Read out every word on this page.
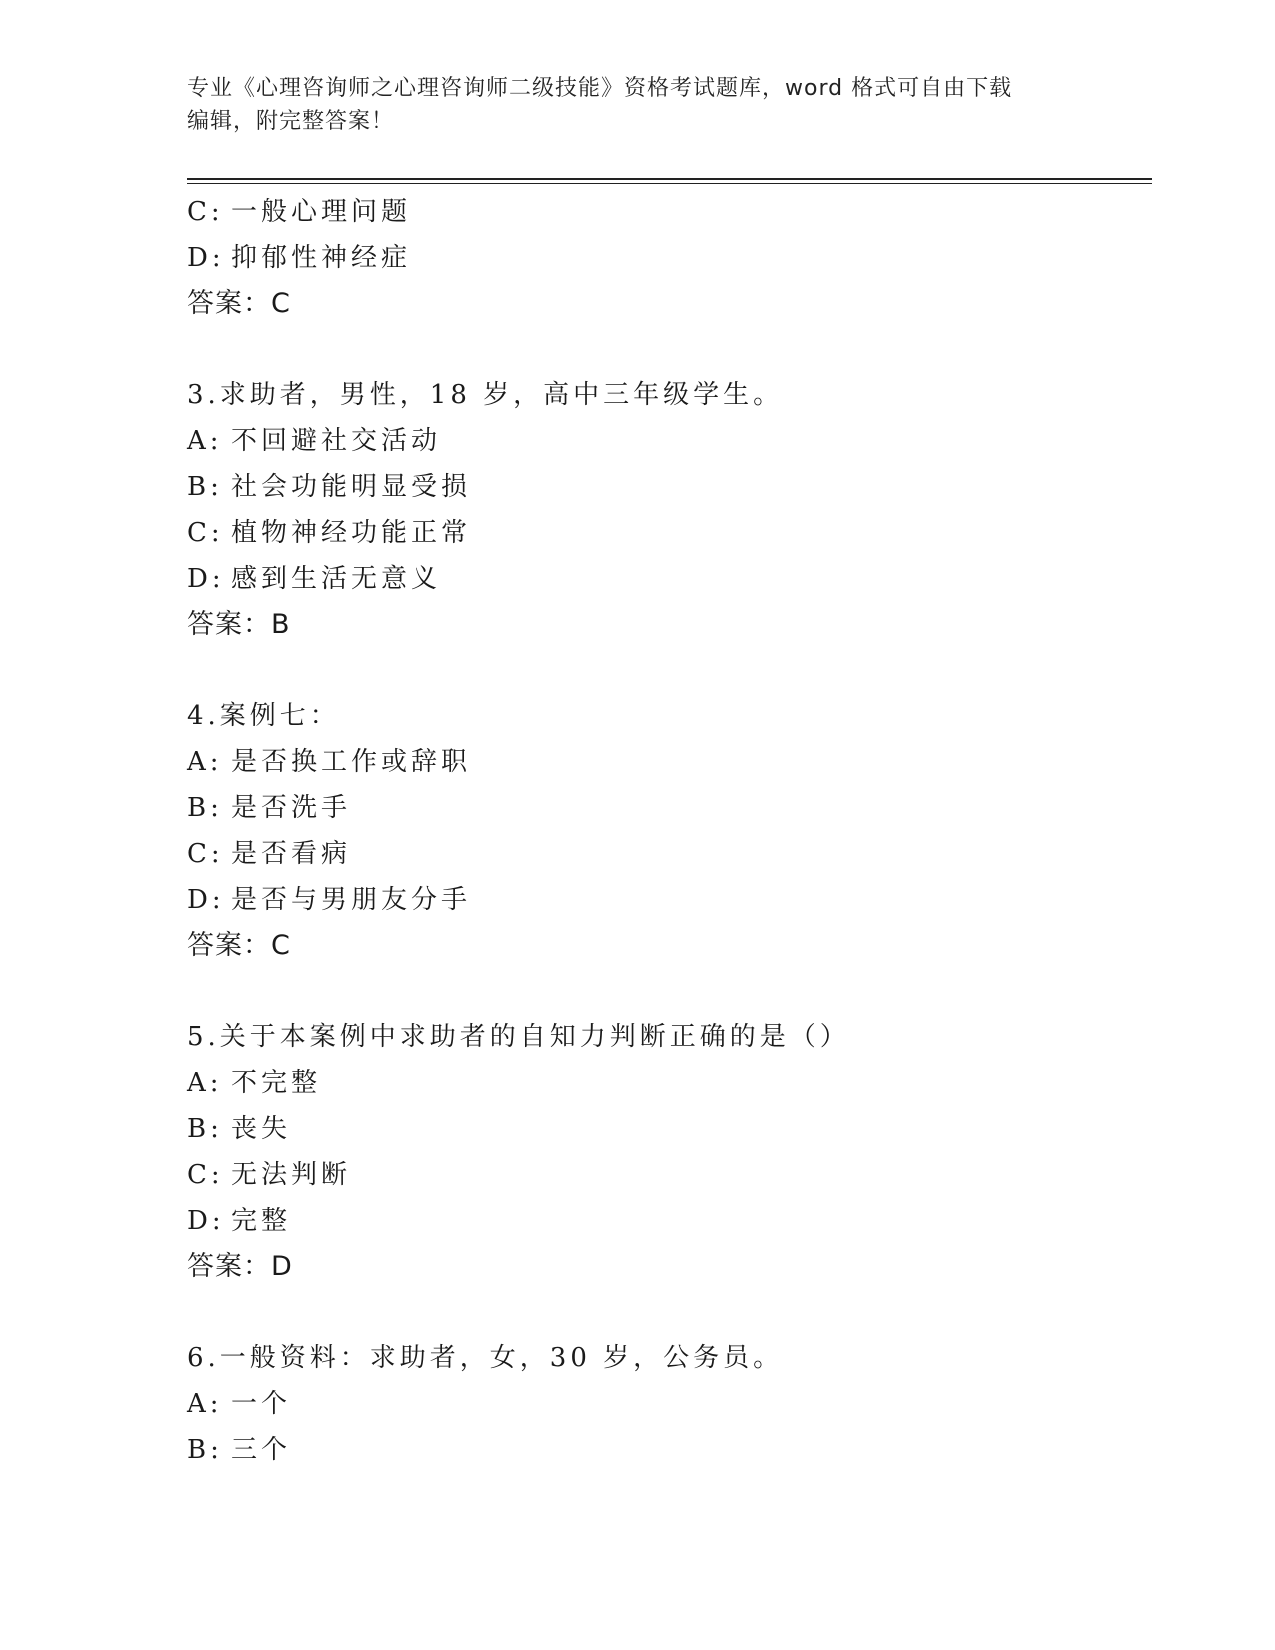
专业《心理咨询师之心理咨询师二级技能》资格考试题库，word 格式可自由下载
编辑，附完整答案！
C: 一般心理问题
D: 抑郁性神经症
答案：C
3.求助者，男性，18 岁，高中三年级学生。
A: 不回避社交活动
B: 社会功能明显受损
C: 植物神经功能正常
D: 感到生活无意义
答案：B
4.案例七：
A: 是否换工作或辞职
B: 是否洗手
C: 是否看病
D: 是否与男朋友分手
答案：C
5.关于本案例中求助者的自知力判断正确的是（）
A: 不完整
B: 丧失
C: 无法判断
D: 完整
答案：D
6.一般资料：求助者，女，30 岁，公务员。
A: 一个
B: 三个
